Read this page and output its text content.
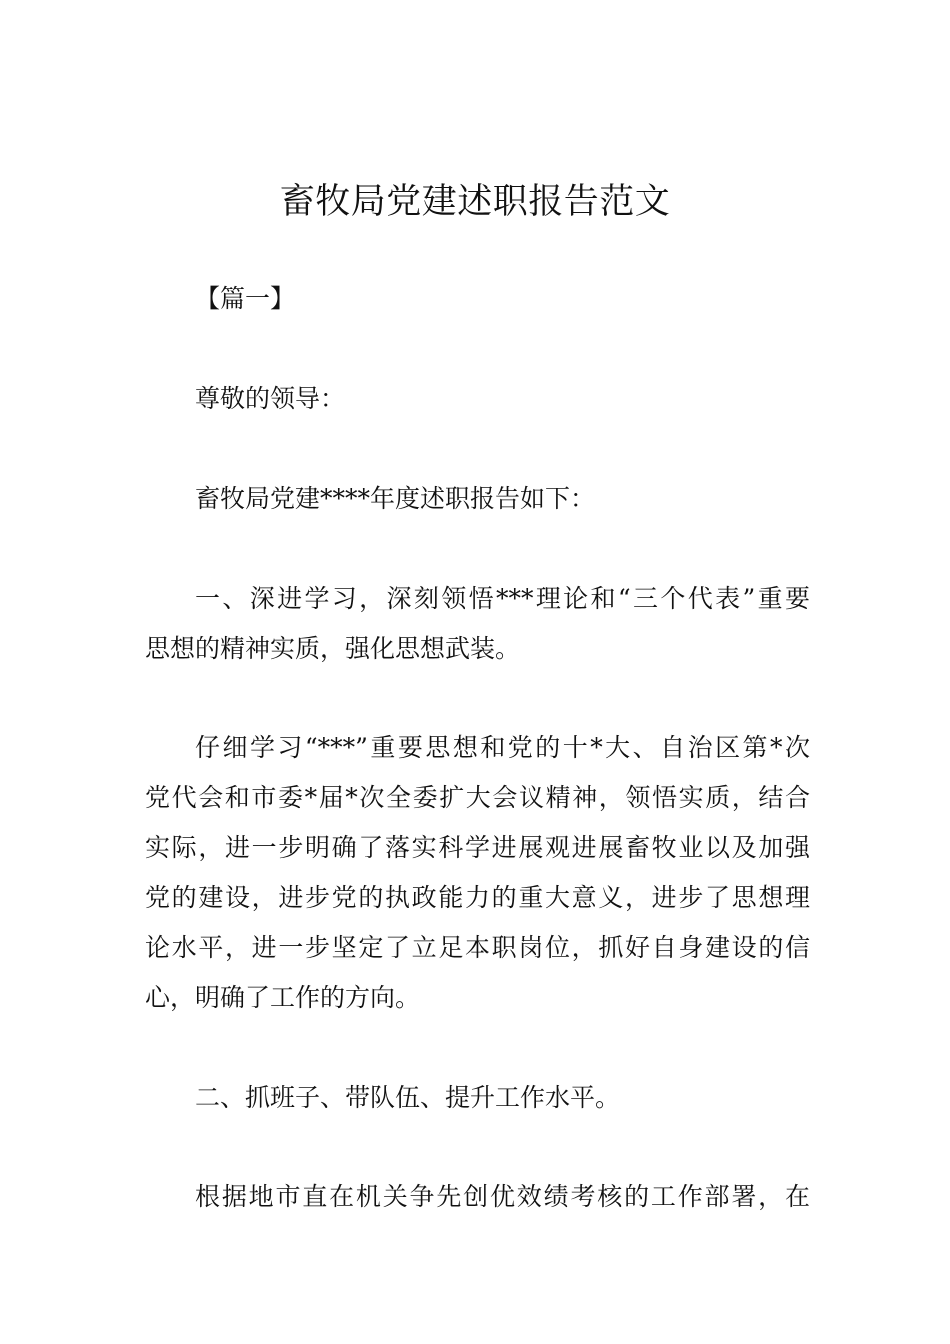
畜牧局党建述职报告范文
【篇一】
尊敬的领导：
畜牧局党建****年度述职报告如下：
一、深进学习，深刻领悟***理论和“三个代表”重要
思想的精神实质，强化思想武装。
仔细学习“***”重要思想和党的十*大、自治区第*次
党代会和市委*届*次全委扩大会议精神，领悟实质，结合
实际，进一步明确了落实科学进展观进展畜牧业以及加强
党的建设，进步党的执政能力的重大意义，进步了思想理
论水平，进一步坚定了立足本职岗位，抓好自身建设的信
心，明确了工作的方向。
二、抓班子、带队伍、提升工作水平。
根据地市直在机关争先创优效绩考核的工作部署，在
